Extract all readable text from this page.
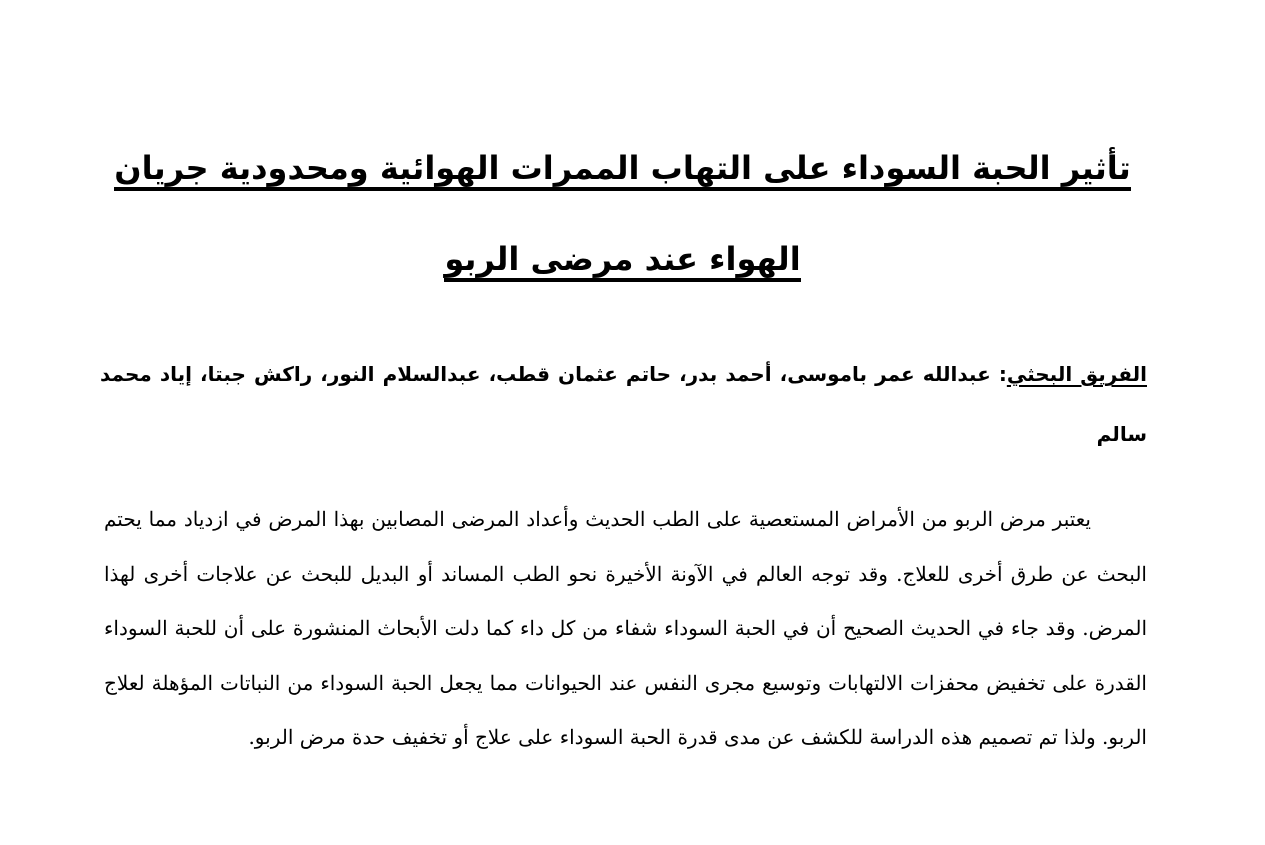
تأثير الحبة السوداء على التهاب الممرات الهوائية ومحدودية جريان
الهواء عند مرضى الربو

الفريق البحثي: عبدالله عمر باموسى، أحمد بدر، حاتم عثمان قطب، عبدالسلام النور، راكش جبتا، إياد محمد سالم

يعتبر مرض الربو من الأمراض المستعصية على الطب الحديث وأعداد المرضى المصابين بهذا المرض في ازدياد مما يحتم البحث عن طرق أخرى للعلاج. وقد توجه العالم في الآونة الأخيرة نحو الطب المساند أو البديل للبحث عن علاجات أخرى لهذا المرض. وقد جاء في الحديث الصحيح أن في الحبة السوداء شفاء من كل داء كما دلت الأبحاث المنشورة على أن للحبة السوداء القدرة على تخفيض محفزات الالتهابات وتوسيع مجرى النفس عند الحيوانات مما يجعل الحبة السوداء من النباتات المؤهلة لعلاج الربو. ولذا تم تصميم هذه الدراسة للكشف عن مدى قدرة الحبة السوداء على علاج أو تخفيف حدة مرض الربو.
